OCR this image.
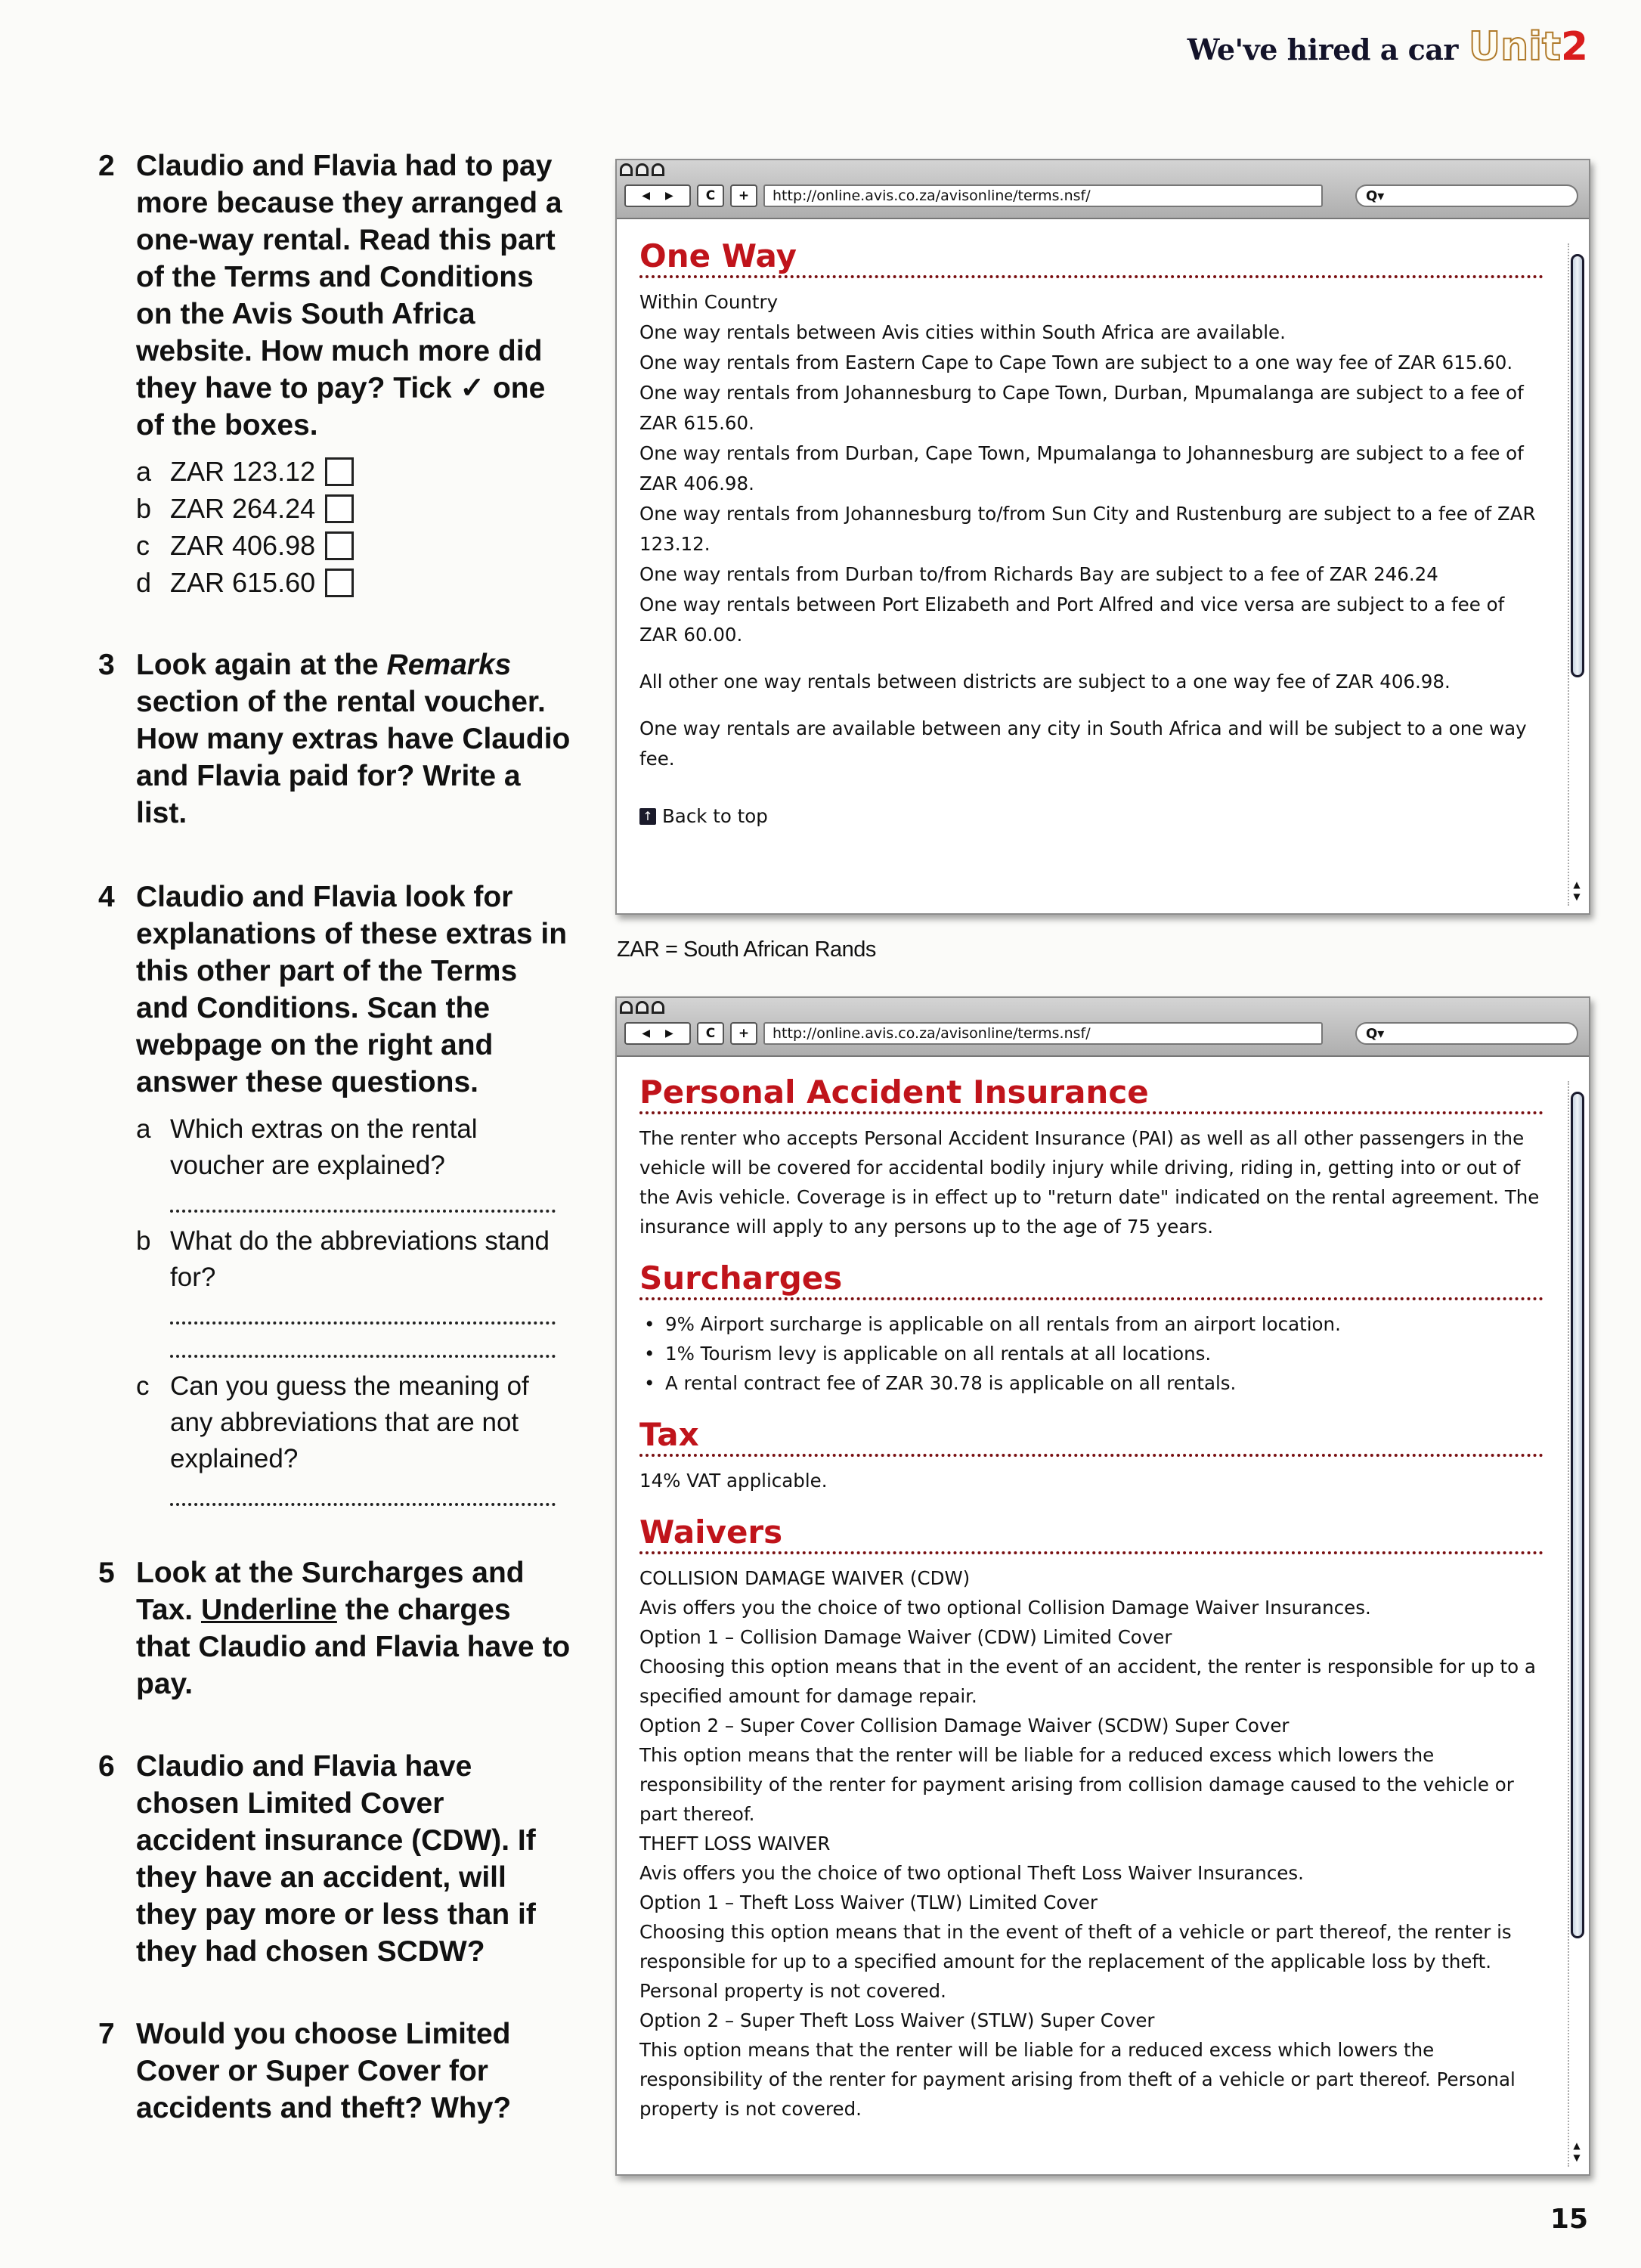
We've hired a car Unit2
2 Claudio and Flavia had to pay more because they arranged a one-way rental. Read this part of the Terms and Conditions on the Avis South Africa website. How much more did they have to pay? Tick ✓ one of the boxes.
a ZAR 123.12
b ZAR 264.24
c ZAR 406.98
d ZAR 615.60
3 Look again at the Remarks section of the rental voucher. How many extras have Claudio and Flavia paid for? Write a list.
4 Claudio and Flavia look for explanations of these extras in this other part of the Terms and Conditions. Scan the webpage on the right and answer these questions.
a Which extras on the rental voucher are explained?
b What do the abbreviations stand for?
c Can you guess the meaning of any abbreviations that are not explained?
5 Look at the Surcharges and Tax. Underline the charges that Claudio and Flavia have to pay.
6 Claudio and Flavia have chosen Limited Cover accident insurance (CDW). If they have an accident, will they pay more or less than if they had chosen SCDW?
7 Would you choose Limited Cover or Super Cover for accidents and theft? Why?
◀ ▶	C	+	http://online.avis.co.za/avisonline/terms.nsf/	Q▾
One Way

Within Country

One way rentals between Avis cities within South Africa are available.

One way rentals from Eastern Cape to Cape Town are subject to a one way fee of ZAR 615.60.

One way rentals from Johannesburg to Cape Town, Durban, Mpumalanga are subject to a fee of ZAR 615.60.

One way rentals from Durban, Cape Town, Mpumalanga to Johannesburg are subject to a fee of ZAR 406.98.

One way rentals from Johannesburg to/from Sun City and Rustenburg are subject to a fee of ZAR 123.12.

One way rentals from Durban to/from Richards Bay are subject to a fee of ZAR 246.24

One way rentals between Port Elizabeth and Port Alfred and vice versa are subject to a fee of ZAR 60.00.

All other one way rentals between districts are subject to a one way fee of ZAR 406.98.

One way rentals are available between any city in South Africa and will be subject to a one way fee.

↑ Back to top
▲
▼
ZAR = South African Rands
◀ ▶	C	+	http://online.avis.co.za/avisonline/terms.nsf/	Q▾
Personal Accident Insurance

The renter who accepts Personal Accident Insurance (PAI) as well as all other passengers in the vehicle will be covered for accidental bodily injury while driving, riding in, getting into or out of the Avis vehicle. Coverage is in effect up to "return date" indicated on the rental agreement. The insurance will apply to any persons up to the age of 75 years.

Surcharges
• 9% Airport surcharge is applicable on all rentals from an airport location.
• 1% Tourism levy is applicable on all rentals at all locations.
• A rental contract fee of ZAR 30.78 is applicable on all rentals.
Tax

14% VAT applicable.

Waivers

COLLISION DAMAGE WAIVER (CDW)

Avis offers you the choice of two optional Collision Damage Waiver Insurances.

Option 1 – Collision Damage Waiver (CDW) Limited Cover

Choosing this option means that in the event of an accident, the renter is responsible for up to a specified amount for damage repair.

Option 2 – Super Cover Collision Damage Waiver (SCDW) Super Cover

This option means that the renter will be liable for a reduced excess which lowers the responsibility of the renter for payment arising from collision damage caused to the vehicle or part thereof.

THEFT LOSS WAIVER

Avis offers you the choice of two optional Theft Loss Waiver Insurances.

Option 1 – Theft Loss Waiver (TLW) Limited Cover

Choosing this option means that in the event of theft of a vehicle or part thereof, the renter is responsible for up to a specified amount for the replacement of the applicable loss by theft. Personal property is not covered.

Option 2 – Super Theft Loss Waiver (STLW) Super Cover

This option means that the renter will be liable for a reduced excess which lowers the responsibility of the renter for payment arising from theft of a vehicle or part thereof. Personal property is not covered.

▲
▼
15
